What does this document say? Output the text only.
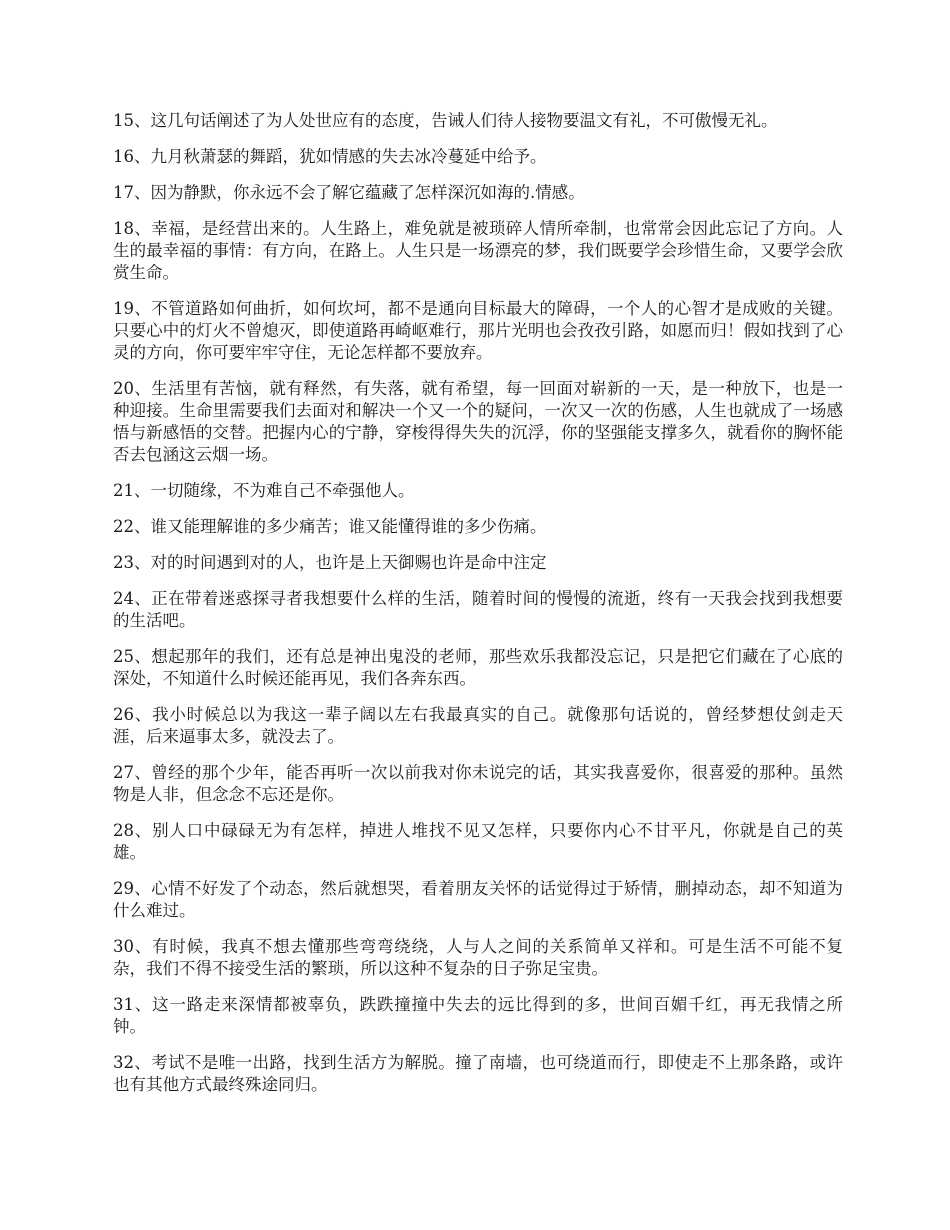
15、这几句话阐述了为人处世应有的态度，告诫人们待人接物要温文有礼，不可傲慢无礼。

16、九月秋萧瑟的舞蹈，犹如情感的失去冰冷蔓延中给予。

17、因为静默，你永远不会了解它蕴藏了怎样深沉如海的.情感。

18、幸福，是经营出来的。人生路上，难免就是被琐碎人情所牵制，也常常会因此忘记了方向。人生的最幸福的事情：有方向，在路上。人生只是一场漂亮的梦，我们既要学会珍惜生命，又要学会欣赏生命。

19、不管道路如何曲折，如何坎坷，都不是通向目标最大的障碍，一个人的心智才是成败的关键。只要心中的灯火不曾熄灭，即使道路再崎岖难行，那片光明也会孜孜引路，如愿而归！假如找到了心灵的方向，你可要牢牢守住，无论怎样都不要放弃。

20、生活里有苦恼，就有释然，有失落，就有希望，每一回面对崭新的一天，是一种放下，也是一种迎接。生命里需要我们去面对和解决一个又一个的疑问，一次又一次的伤感，人生也就成了一场感悟与新感悟的交替。把握内心的宁静，穿梭得得失失的沉浮，你的坚强能支撑多久，就看你的胸怀能否去包涵这云烟一场。

21、一切随缘，不为难自己不牵强他人。

22、谁又能理解谁的多少痛苦；谁又能懂得谁的多少伤痛。

23、对的时间遇到对的人，也许是上天御赐也许是命中注定

24、正在带着迷惑探寻者我想要什么样的生活，随着时间的慢慢的流逝，终有一天我会找到我想要的生活吧。

25、想起那年的我们，还有总是神出鬼没的老师，那些欢乐我都没忘记，只是把它们藏在了心底的深处，不知道什么时候还能再见，我们各奔东西。

26、我小时候总以为我这一辈子阔以左右我最真实的自己。就像那句话说的，曾经梦想仗剑走天涯，后来逼事太多，就没去了。

27、曾经的那个少年，能否再听一次以前我对你未说完的话，其实我喜爱你，很喜爱的那种。虽然物是人非，但念念不忘还是你。

28、别人口中碌碌无为有怎样，掉进人堆找不见又怎样，只要你内心不甘平凡，你就是自己的英雄。

29、心情不好发了个动态，然后就想哭，看着朋友关怀的话觉得过于矫情，删掉动态，却不知道为什么难过。

30、有时候，我真不想去懂那些弯弯绕绕，人与人之间的关系简单又祥和。可是生活不可能不复杂，我们不得不接受生活的繁琐，所以这种不复杂的日子弥足宝贵。

31、这一路走来深情都被辜负，跌跌撞撞中失去的远比得到的多，世间百媚千红，再无我情之所钟。

32、考试不是唯一出路，找到生活方为解脱。撞了南墙，也可绕道而行，即使走不上那条路，或许也有其他方式最终殊途同归。
